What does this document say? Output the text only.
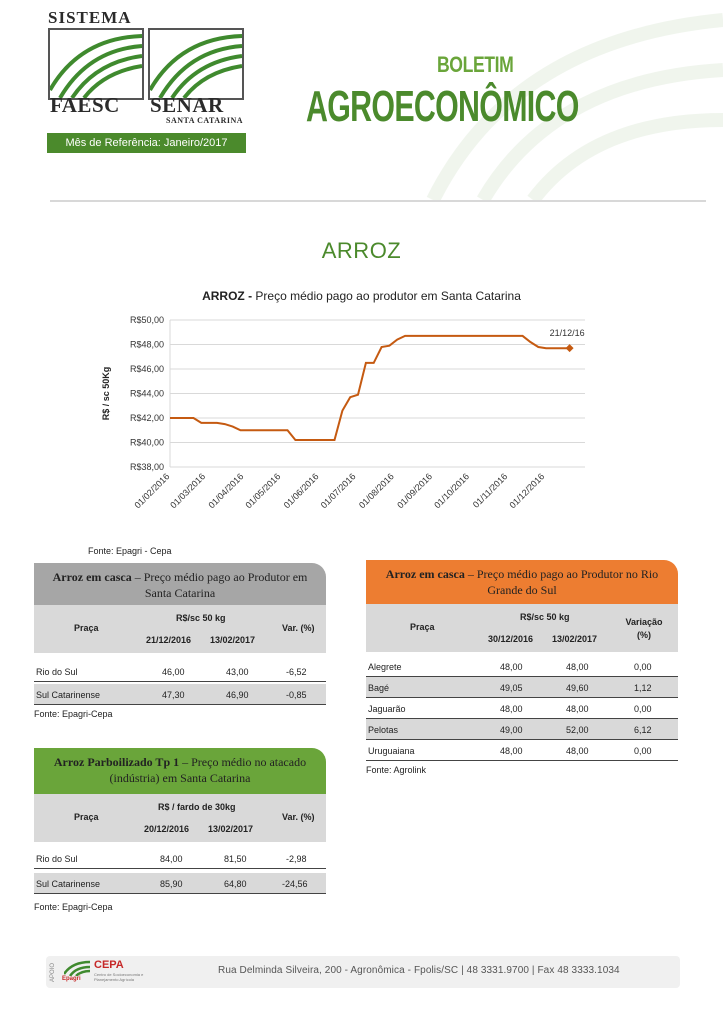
SISTEMA
FAESC SENAR
SANTA CATARINA
Mês de Referência: Janeiro/2017
BOLETIM
AGROECONÔMICO
ARROZ
ARROZ - Preço médio pago ao produtor em Santa Catarina
R$38,00
R$40,00
R$42,00
R$44,00
R$46,00
R$48,00
R$50,00
R$ / sc 50Kg
01/02/2016
01/03/2016 01/04/2016
01/05/2016 01/06/2016
01/07/2016 01/08/2016 01/09/2016
01/10/2016 01/11/2016
01/12/2016
21/12/16
Fonte: Epagri - Cepa
Arroz em casca – Preço médio pago ao Produtor em Santa Catarina
Praça
R$/sc 50 kg
21/12/2016 13/02/2017
Var. (%)
Rio do Sul	46,00	43,00	-6,52
Sul Catarinense	47,30	46,90	-0,85
Fonte: Epagri-Cepa
Arroz Parboilizado Tp 1 – Preço médio no atacado (indústria) em Santa Catarina
Praça
R$ / fardo de 30kg
20/12/2016 13/02/2017
Var. (%)
Rio do Sul	84,00	81,50	-2,98
Sul Catarinense	85,90	64,80	-24,56
Fonte: Epagri-Cepa
Arroz em casca – Preço médio pago ao Produtor no Rio Grande do Sul
Praça
R$/sc 50 kg
30/12/2016 13/02/2017
Variação (%)
Alegrete	48,00	48,00	0,00
Bagé	49,05	49,60	1,12
Jaguarão	48,00	48,00	0,00
Pelotas	49,00	52,00	6,12
Uruguaiana	48,00	48,00	0,00
Fonte: Agrolink
APOIO Epagri
CEPA
Centro de Socioeconomia e Planejamento Agrícola
Rua Delminda Silveira, 200 - Agronômica - Fpolis/SC | 48 3331.9700 | Fax 48 3333.1034
